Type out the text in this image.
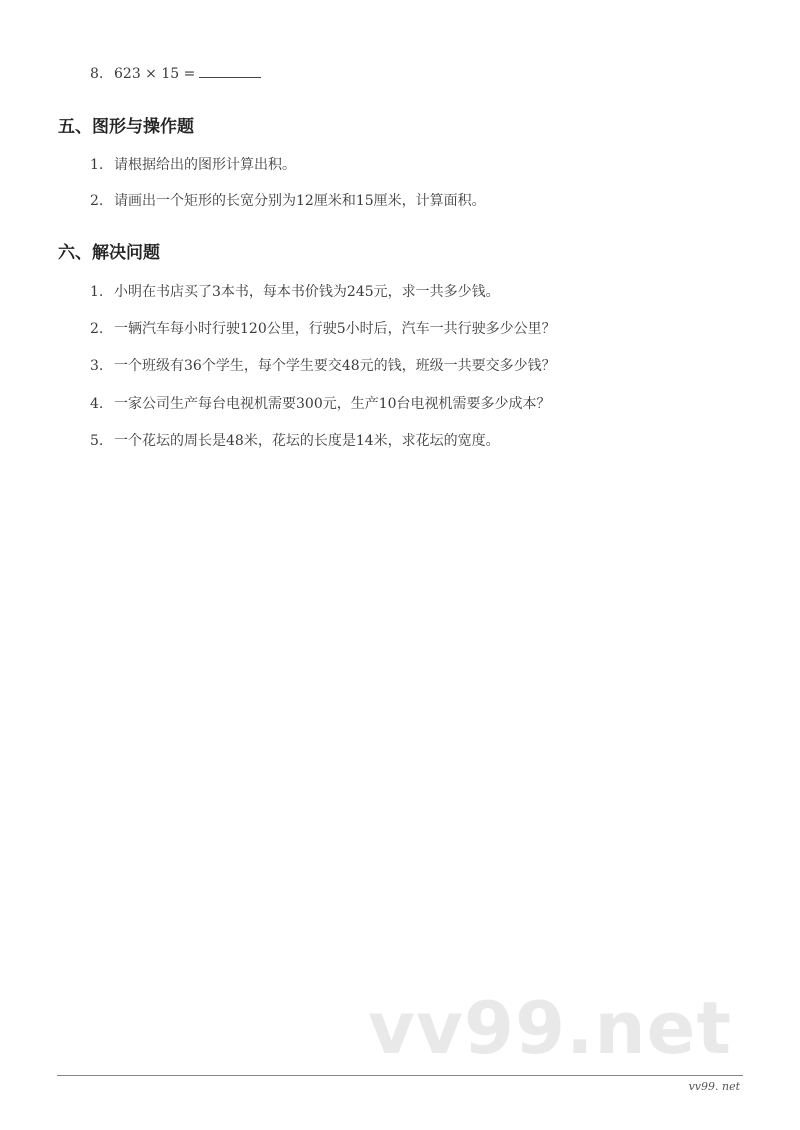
8. 623 × 15 =
五、图形与操作题
1. 请根据给出的图形计算出积。
2. 请画出一个矩形的长宽分别为12厘米和15厘米，计算面积。
六、解决问题
1. 小明在书店买了3本书，每本书价钱为245元，求一共多少钱。
2. 一辆汽车每小时行驶120公里，行驶5小时后，汽车一共行驶多少公里？
3. 一个班级有36个学生，每个学生要交48元的钱，班级一共要交多少钱？
4. 一家公司生产每台电视机需要300元，生产10台电视机需要多少成本？
5. 一个花坛的周长是48米，花坛的长度是14米，求花坛的宽度。
vv99.net
vv99. net
